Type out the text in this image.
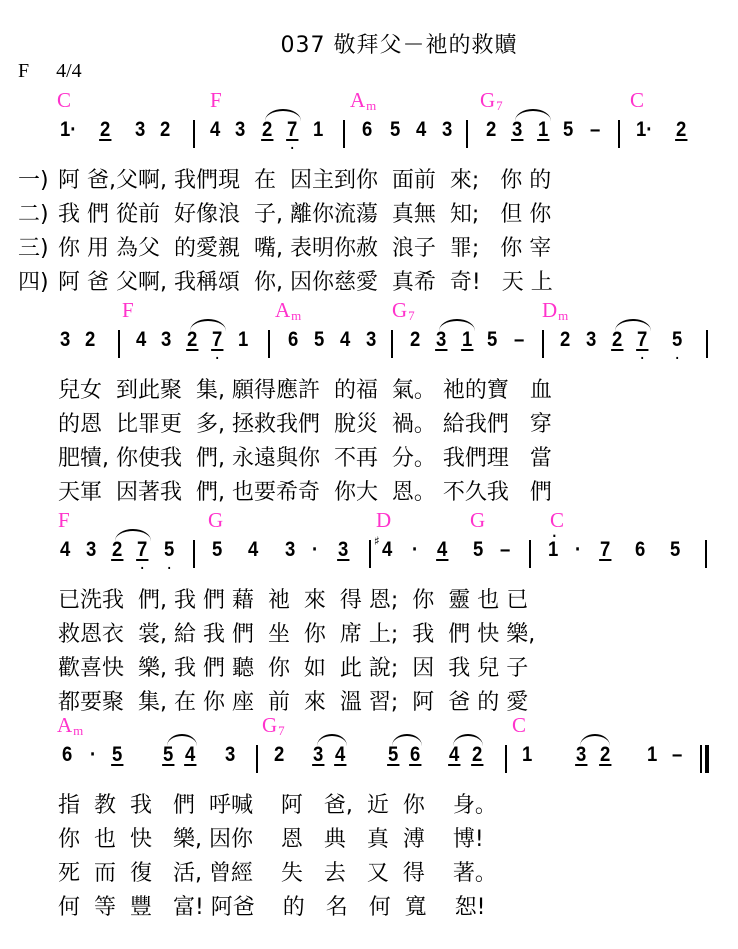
037 敬拜父－祂的救贖
F 4/4
C	F	$A_m$	$G_7$	C
1· 2 3 2 4 3 2 . 7 1 6 5 4 3 2 3 1 5 – 1· 2
阿 爸,父啊, 我們現  在  因主到你  面前  來;   你 的
一)
我 們 從前  好像浪  子, 離你流蕩  真無  知;   但 你
二)
你 用 為父  的愛親  嘴, 表明你赦  浪子  罪;   你 宰
三)
阿 爸 父啊, 我稱頌  你, 因你慈愛  真希  奇!   天 上
四)
F	$A_m$	$G_7$	$D_m$
3 2 4 3 2 . 7 1 6 5 4 3 2 3 1 5 – 2 3 2 . 7 . 5
兒女  到此聚  集, 願得應許  的福  氣。 祂的寶   血
的恩  比罪更  多, 拯救我們  脫災  禍。 給我們   穿
肥犢, 你使我  們, 永遠與你  不再  分。 我們理   當
天軍  因著我  們, 也要希奇  你大  恩。 不久我   們
F	G	D	G	C
4 3 2 . 7 . 5 5 4 3 · 3 ♯ 4 · 4 5 – . 1 · 7 6 5
已洗我  們, 我 們 藉  祂  來  得 恩;  你  靈 也 已
救恩衣  裳, 給 我 們  坐  你  席 上;  我  們 快 樂,
歡喜快  樂, 我 們 聽  你  如  此 說;  因  我 兒 子
都要聚  集, 在 你 座  前  來  溫 習;  阿  爸 的 愛
$A_m$	$G_7$	C
6 · 5 5 4 3 2 3 4 5 6 4 2 1 3 2 1 –
指  教  我   們  呼喊    阿   爸,  近  你    身。
你  也  快   樂, 因你    恩   典   真  溥    博!
死  而  復   活, 曾經    失   去   又  得    著。
何  等  豐   富! 阿爸    的   名   何  寬    恕!
